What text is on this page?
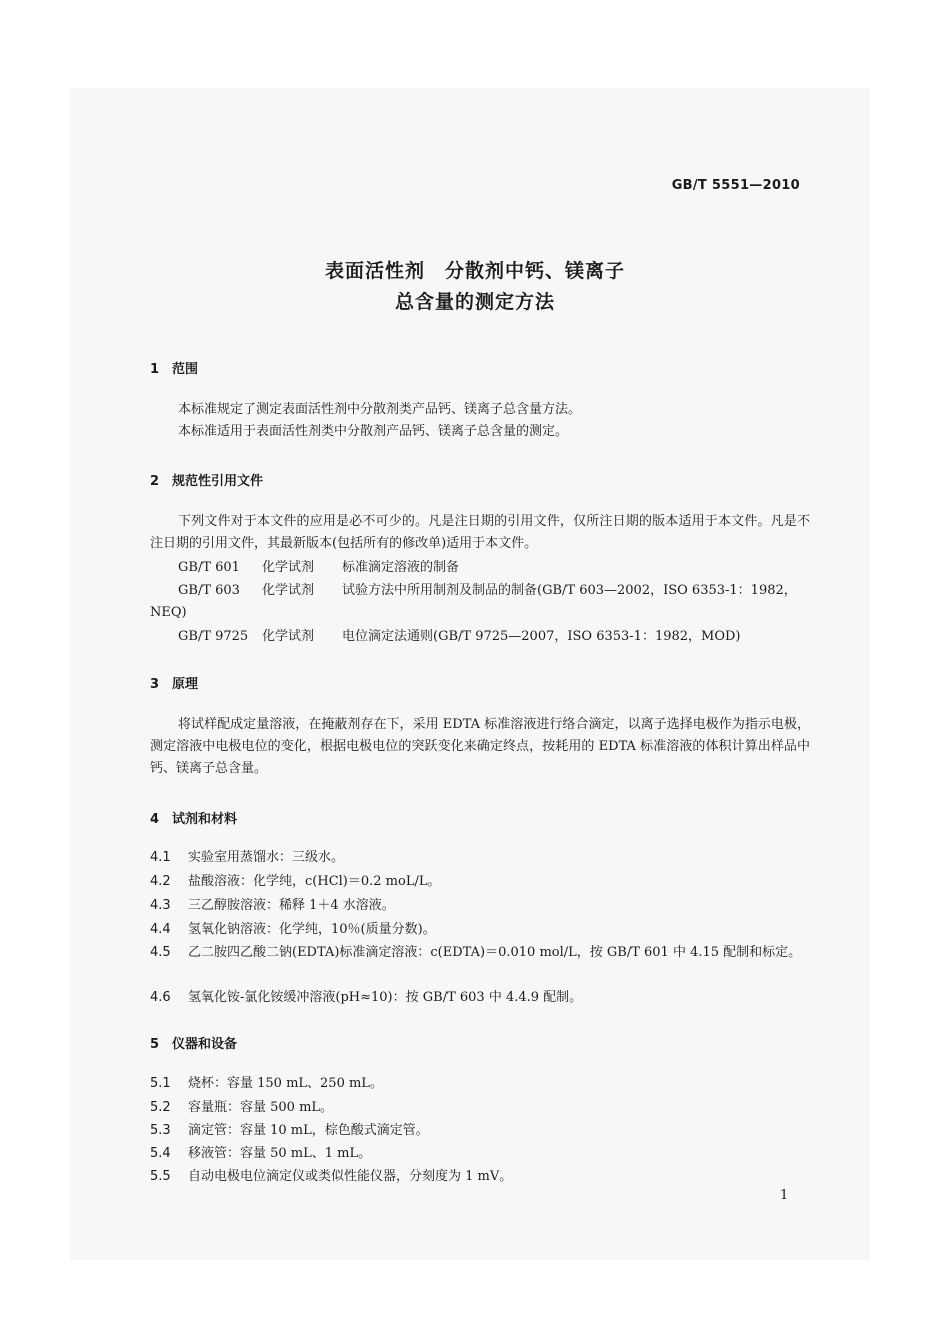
GB/T 5551—2010
表面活性剂　分散剂中钙、镁离子
总含量的测定方法
1 范围
本标准规定了测定表面活性剂中分散剂类产品钙、镁离子总含量方法。
本标准适用于表面活性剂类中分散剂产品钙、镁离子总含量的测定。
2 规范性引用文件
下列文件对于本文件的应用是必不可少的。凡是注日期的引用文件，仅所注日期的版本适用于本文件。凡是不注日期的引用文件，其最新版本(包括所有的修改单)适用于本文件。
GB/T 601 化学试剂 标准滴定溶液的制备
GB/T 603 化学试剂 试验方法中所用制剂及制品的制备(GB/T 603—2002，ISO 6353-1：1982，NEQ)
GB/T 9725 化学试剂 电位滴定法通则(GB/T 9725—2007，ISO 6353-1：1982，MOD)
3 原理
将试样配成定量溶液，在掩蔽剂存在下，采用 EDTA 标准溶液进行络合滴定，以离子选择电极作为指示电极，测定溶液中电极电位的变化，根据电极电位的突跃变化来确定终点，按耗用的 EDTA 标准溶液的体积计算出样品中钙、镁离子总含量。
4 试剂和材料
4.1 实验室用蒸馏水：三级水。
4.2 盐酸溶液：化学纯，c(HCl)＝0.2 moL/L。
4.3 三乙醇胺溶液：稀释 1＋4 水溶液。
4.4 氢氧化钠溶液：化学纯，10％(质量分数)。
4.5 乙二胺四乙酸二钠(EDTA)标准滴定溶液：c(EDTA)＝0.010 mol/L，按 GB/T 601 中 4.15 配制和标定。
4.6 氢氧化铵-氯化铵缓冲溶液(pH≈10)：按 GB/T 603 中 4.4.9 配制。
5 仪器和设备
5.1 烧杯：容量 150 mL、250 mL。
5.2 容量瓶：容量 500 mL。
5.3 滴定管：容量 10 mL，棕色酸式滴定管。
5.4 移液管：容量 50 mL、1 mL。
5.5 自动电极电位滴定仪或类似性能仪器，分刻度为 1 mV。
1
